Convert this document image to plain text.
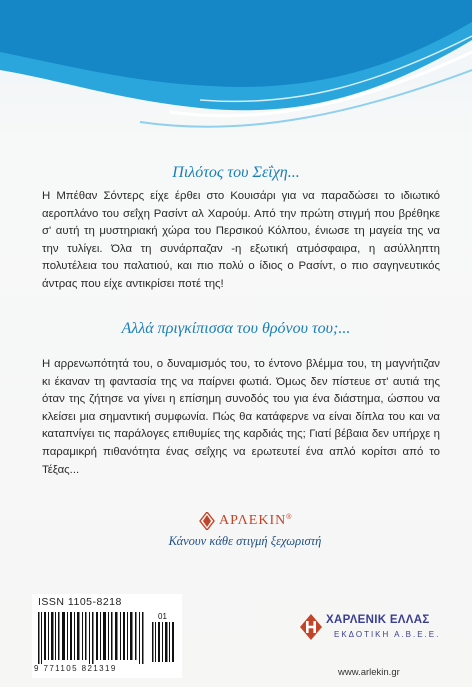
Πιλότος του Σεΐχη...
Η Μπέθαν Σόντερς είχε έρθει στο Κουισάρι για να παραδώσει το ιδιωτικό αεροπλάνο του σεΐχη Ρασίντ αλ Χαρούμ. Από την πρώτη στιγμή που βρέθηκε σ' αυτή τη μυστηριακή χώρα του Περσικού Κόλπου, ένιωσε τη μαγεία της να την τυλίγει. Όλα τη συνάρπαζαν -η εξωτική ατμόσφαιρα, η ασύλληπτη πολυτέλεια του παλατιού, και πιο πολύ ο ίδιος ο Ρασίντ, ο πιο σαγηνευτικός άντρας που είχε αντικρίσει ποτέ της!
Αλλά πριγκίπισσα του θρόνου του;...
Η αρρενωπότητά του, ο δυναμισμός του, το έντονο βλέμμα του, τη μαγνήτιζαν κι έκαναν τη φαντασία της να παίρνει φωτιά. Όμως δεν πίστευε στ' αυτιά της όταν της ζήτησε να γίνει η επίσημη συνοδός του για ένα διάστημα, ώσπου να κλείσει μια σημαντική συμφωνία. Πώς θα κατάφερνε να είναι δίπλα του και να καταπνίγει τις παράλογες επιθυμίες της καρδιάς της; Γιατί βέβαια δεν υπήρχε η παραμικρή πιθανότητα ένας σεΐχης να ερωτευτεί ένα απλό κορίτσι από το Τέξας...
ΑΡΛΕΚΙΝ®
Κάνουν κάθε στιγμή ξεχωριστή
ISSN 1105-8218
01
9 771105 821319
ΧΑΡΛΕΝΙΚ ΕΛΛΑΣ
ΕΚΔΟΤΙΚΗ Α.Β.Ε.Ε.
www.arlekin.gr
